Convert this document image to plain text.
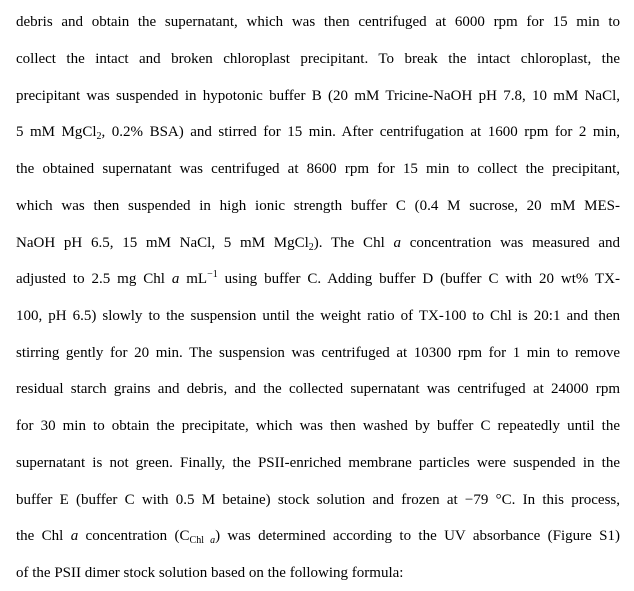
debris and obtain the supernatant, which was then centrifuged at 6000 rpm for 15 min to
collect the intact and broken chloroplast precipitant. To break the intact chloroplast, the
precipitant was suspended in hypotonic buffer B (20 mM Tricine-NaOH pH 7.8, 10 mM NaCl,
5 mM MgCl$_2$, 0.2% BSA) and stirred for 15 min. After centrifugation at 1600 rpm for 2 min,
the obtained supernatant was centrifuged at 8600 rpm for 15 min to collect the precipitant,
which was then suspended in high ionic strength buffer C (0.4 M sucrose, 20 mM MES-
NaOH pH 6.5, 15 mM NaCl, 5 mM MgCl$_2$). The Chl a concentration was measured and
adjusted to 2.5 mg Chl a $mL^{-1}$ using buffer C. Adding buffer D (buffer C with 20 wt% TX-
100, pH 6.5) slowly to the suspension until the weight ratio of TX-100 to Chl is 20:1 and then
stirring gently for 20 min. The suspension was centrifuged at 10300 rpm for 1 min to remove
residual starch grains and debris, and the collected supernatant was centrifuged at 24000 rpm
for 30 min to obtain the precipitate, which was then washed by buffer C repeatedly until the
supernatant is not green. Finally, the PSII-enriched membrane particles were suspended in the
buffer E (buffer C with 0.5 M betaine) stock solution and frozen at −79 °C. In this process,
the Chl a concentration $(C_{Chl a})$ was determined according to the UV absorbance (Figure S1)
of the PSII dimer stock solution based on the following formula:
